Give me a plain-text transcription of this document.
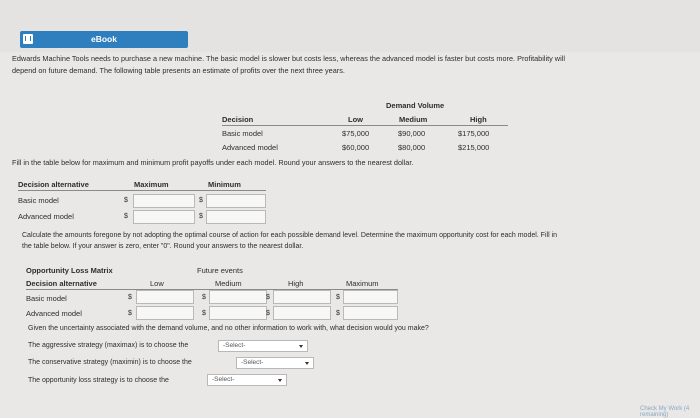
eBook
Edwards Machine Tools needs to purchase a new machine. The basic model is slower but costs less, whereas the advanced model is faster but costs more. Profitability will
depend on future demand. The following table presents an estimate of profits over the next three years.
Demand Volume
Decision	Low	Medium	High
Basic model	$75,000	$90,000	$175,000
Advanced model	$60,000	$80,000	$215,000
Fill in the table below for maximum and minimum profit payoffs under each model. Round your answers to the nearest dollar.
Decision alternative	Maximum	Minimum
Basic model	$	$
Advanced model	$	$
Calculate the amounts foregone by not adopting the optimal course of action for each possible demand level. Determine the maximum opportunity cost for each model. Fill in
the table below. If your answer is zero, enter "0". Round your answers to the nearest dollar.
Opportunity Loss Matrix	Future events
Decision alternative	Low	Medium	High	Maximum
Basic model	$	$	$	$
Advanced model	$	$	$	$
Given the uncertainty associated with the demand volume, and no other information to work with, what decision would you make?
The aggressive strategy (maximax) is to choose the	-Select-
The conservative strategy (maximin) is to choose the	-Select-
The opportunity loss strategy is to choose the	-Select-
Check My Work (4 remaining)
